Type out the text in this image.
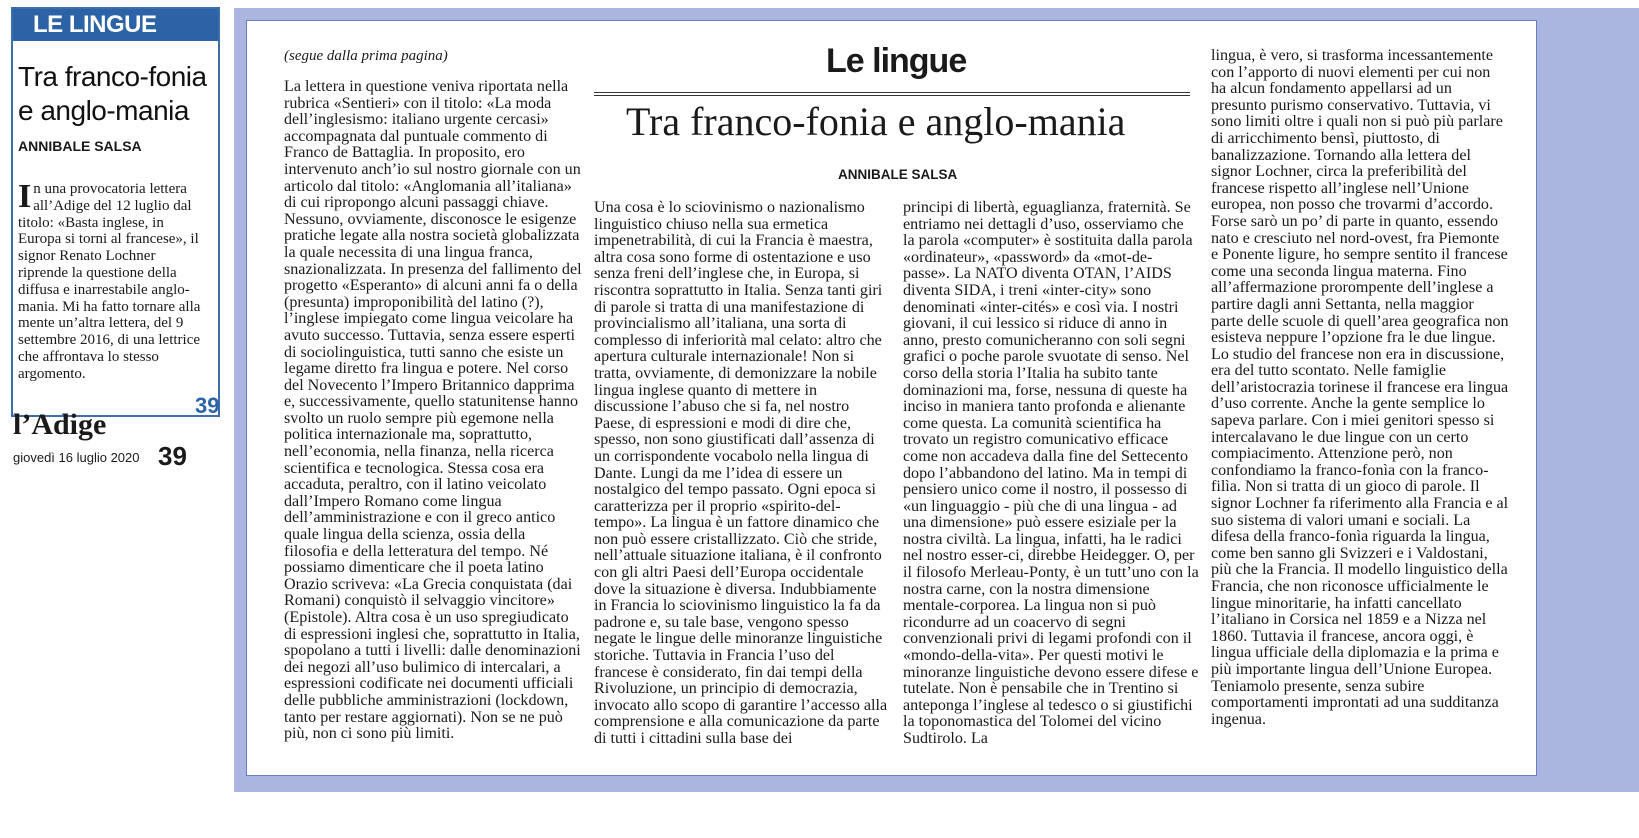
LE LINGUE
Tra franco-fonia
e anglo-mania
ANNIBALE SALSA
In una provocatoria lettera all’Adige del 12 luglio dal titolo: «Basta inglese, in Europa si torni al francese», il signor Renato Lochner riprende la questione della diffusa e inarrestabile anglo-mania. Mi ha fatto tornare alla mente un’altra lettera, del 9 settembre 2016, di una lettrice che affrontava lo stesso argomento.
39
l’Adige
giovedì 16 luglio 2020 39
Le lingue
Tra franco-fonia e anglo-mania
ANNIBALE SALSA

(segue dalla prima pagina)

La lettera in questione veniva riportata nella rubrica «Sentieri» con il titolo: «La moda dell’inglesismo: italiano urgente cercasi» accompagnata dal puntuale commento di Franco de Battaglia. In proposito, ero intervenuto anch’io sul nostro giornale con un articolo dal titolo: «Anglomania all’italiana» di cui ripropongo alcuni passaggi chiave. Nessuno, ovviamente, disconosce le esigenze pratiche legate alla nostra società globalizzata la quale necessita di una lingua franca, snazionalizzata. In presenza del fallimento del progetto «Esperanto» di alcuni anni fa o della (presunta) improponibilità del latino (?), l’inglese impiegato come lingua veicolare ha avuto successo. Tuttavia, senza essere esperti di sociolinguistica, tutti sanno che esiste un legame diretto fra lingua e potere. Nel corso del Novecento l’Impero Britannico dapprima e, successivamente, quello statunitense hanno svolto un ruolo sempre più egemone nella politica internazionale ma, soprattutto, nell’economia, nella finanza, nella ricerca scientifica e tecnologica. Stessa cosa era accaduta, peraltro, con il latino veicolato dall’Impero Romano come lingua dell’amministrazione e con il greco antico quale lingua della scienza, ossia della filosofia e della letteratura del tempo. Né possiamo dimenticare che il poeta latino Orazio scriveva: «La Grecia conquistata (dai Romani) conquistò il selvaggio vincitore» (Epistole). Altra cosa è un uso spregiudicato di espressioni inglesi che, soprattutto in Italia, spopolano a tutti i livelli: dalle denominazioni dei negozi all’uso bulimico di intercalari, a espressioni codificate nei documenti ufficiali delle pubbliche amministrazioni (lockdown, tanto per restare aggiornati). Non se ne può più, non ci sono più limiti.

Una cosa è lo sciovinismo o nazionalismo linguistico chiuso nella sua ermetica impenetrabilità, di cui la Francia è maestra, altra cosa sono forme di ostentazione e uso senza freni dell’inglese che, in Europa, si riscontra soprattutto in Italia. Senza tanti giri di parole si tratta di una manifestazione di provincialismo all’italiana, una sorta di complesso di inferiorità mal celato: altro che apertura culturale internazionale! Non si tratta, ovviamente, di demonizzare la nobile lingua inglese quanto di mettere in discussione l’abuso che si fa, nel nostro Paese, di espressioni e modi di dire che, spesso, non sono giustificati dall’assenza di un corrispondente vocabolo nella lingua di Dante. Lungi da me l’idea di essere un nostalgico del tempo passato. Ogni epoca si caratterizza per il proprio «spirito-del-tempo». La lingua è un fattore dinamico che non può essere cristallizzato. Ciò che stride, nell’attuale situazione italiana, è il confronto con gli altri Paesi dell’Europa occidentale dove la situazione è diversa. Indubbiamente in Francia lo sciovinismo linguistico la fa da padrone e, su tale base, vengono spesso negate le lingue delle minoranze linguistiche storiche. Tuttavia in Francia l’uso del francese è considerato, fin dai tempi della Rivoluzione, un principio di democrazia, invocato allo scopo di garantire l’accesso alla comprensione e alla comunicazione da parte di tutti i cittadini sulla base dei

principi di libertà, eguaglianza, fraternità. Se entriamo nei dettagli d’uso, osserviamo che la parola «computer» è sostituita dalla parola «ordinateur», «password» da «mot-de-passe». La NATO diventa OTAN, l’AIDS diventa SIDA, i treni «inter-city» sono denominati «inter-cités» e così via. I nostri giovani, il cui lessico si riduce di anno in anno, presto comunicheranno con soli segni grafici o poche parole svuotate di senso. Nel corso della storia l’Italia ha subito tante dominazioni ma, forse, nessuna di queste ha inciso in maniera tanto profonda e alienante come questa. La comunità scientifica ha trovato un registro comunicativo efficace come non accadeva dalla fine del Settecento dopo l’abbandono del latino. Ma in tempi di pensiero unico come il nostro, il possesso di «un linguaggio - più che di una lingua - ad una dimensione» può essere esiziale per la nostra civiltà. La lingua, infatti, ha le radici nel nostro esser-ci, direbbe Heidegger. O, per il filosofo Merleau-Ponty, è un tutt’uno con la nostra carne, con la nostra dimensione mentale-corporea. La lingua non si può ricondurre ad un coacervo di segni convenzionali privi di legami profondi con il «mondo-della-vita». Per questi motivi le minoranze linguistiche devono essere difese e tutelate. Non è pensabile che in Trentino si anteponga l’inglese al tedesco o si giustifichi la toponomastica del Tolomei del vicino Sudtirolo. La

lingua, è vero, si trasforma incessantemente con l’apporto di nuovi elementi per cui non ha alcun fondamento appellarsi ad un presunto purismo conservativo. Tuttavia, vi sono limiti oltre i quali non si può più parlare di arricchimento bensì, piuttosto, di banalizzazione. Tornando alla lettera del signor Lochner, circa la preferibilità del francese rispetto all’inglese nell’Unione europea, non posso che trovarmi d’accordo. Forse sarò un po’ di parte in quanto, essendo nato e cresciuto nel nord-ovest, fra Piemonte e Ponente ligure, ho sempre sentito il francese come una seconda lingua materna. Fino all’affermazione prorompente dell’inglese a partire dagli anni Settanta, nella maggior parte delle scuole di quell’area geografica non esisteva neppure l’opzione fra le due lingue. Lo studio del francese non era in discussione, era del tutto scontato. Nelle famiglie dell’aristocrazia torinese il francese era lingua d’uso corrente. Anche la gente semplice lo sapeva parlare. Con i miei genitori spesso si intercalavano le due lingue con un certo compiacimento. Attenzione però, non confondiamo la franco-fonìa con la franco-filìa. Non si tratta di un gioco di parole. Il signor Lochner fa riferimento alla Francia e al suo sistema di valori umani e sociali. La difesa della franco-fonìa riguarda la lingua, come ben sanno gli Svizzeri e i Valdostani, più che la Francia. Il modello linguistico della Francia, che non riconosce ufficialmente le lingue minoritarie, ha infatti cancellato l’italiano in Corsica nel 1859 e a Nizza nel 1860. Tuttavia il francese, ancora oggi, è lingua ufficiale della diplomazia e la prima e più importante lingua dell’Unione Europea. Teniamolo presente, senza subire comportamenti improntati ad una sudditanza ingenua.
